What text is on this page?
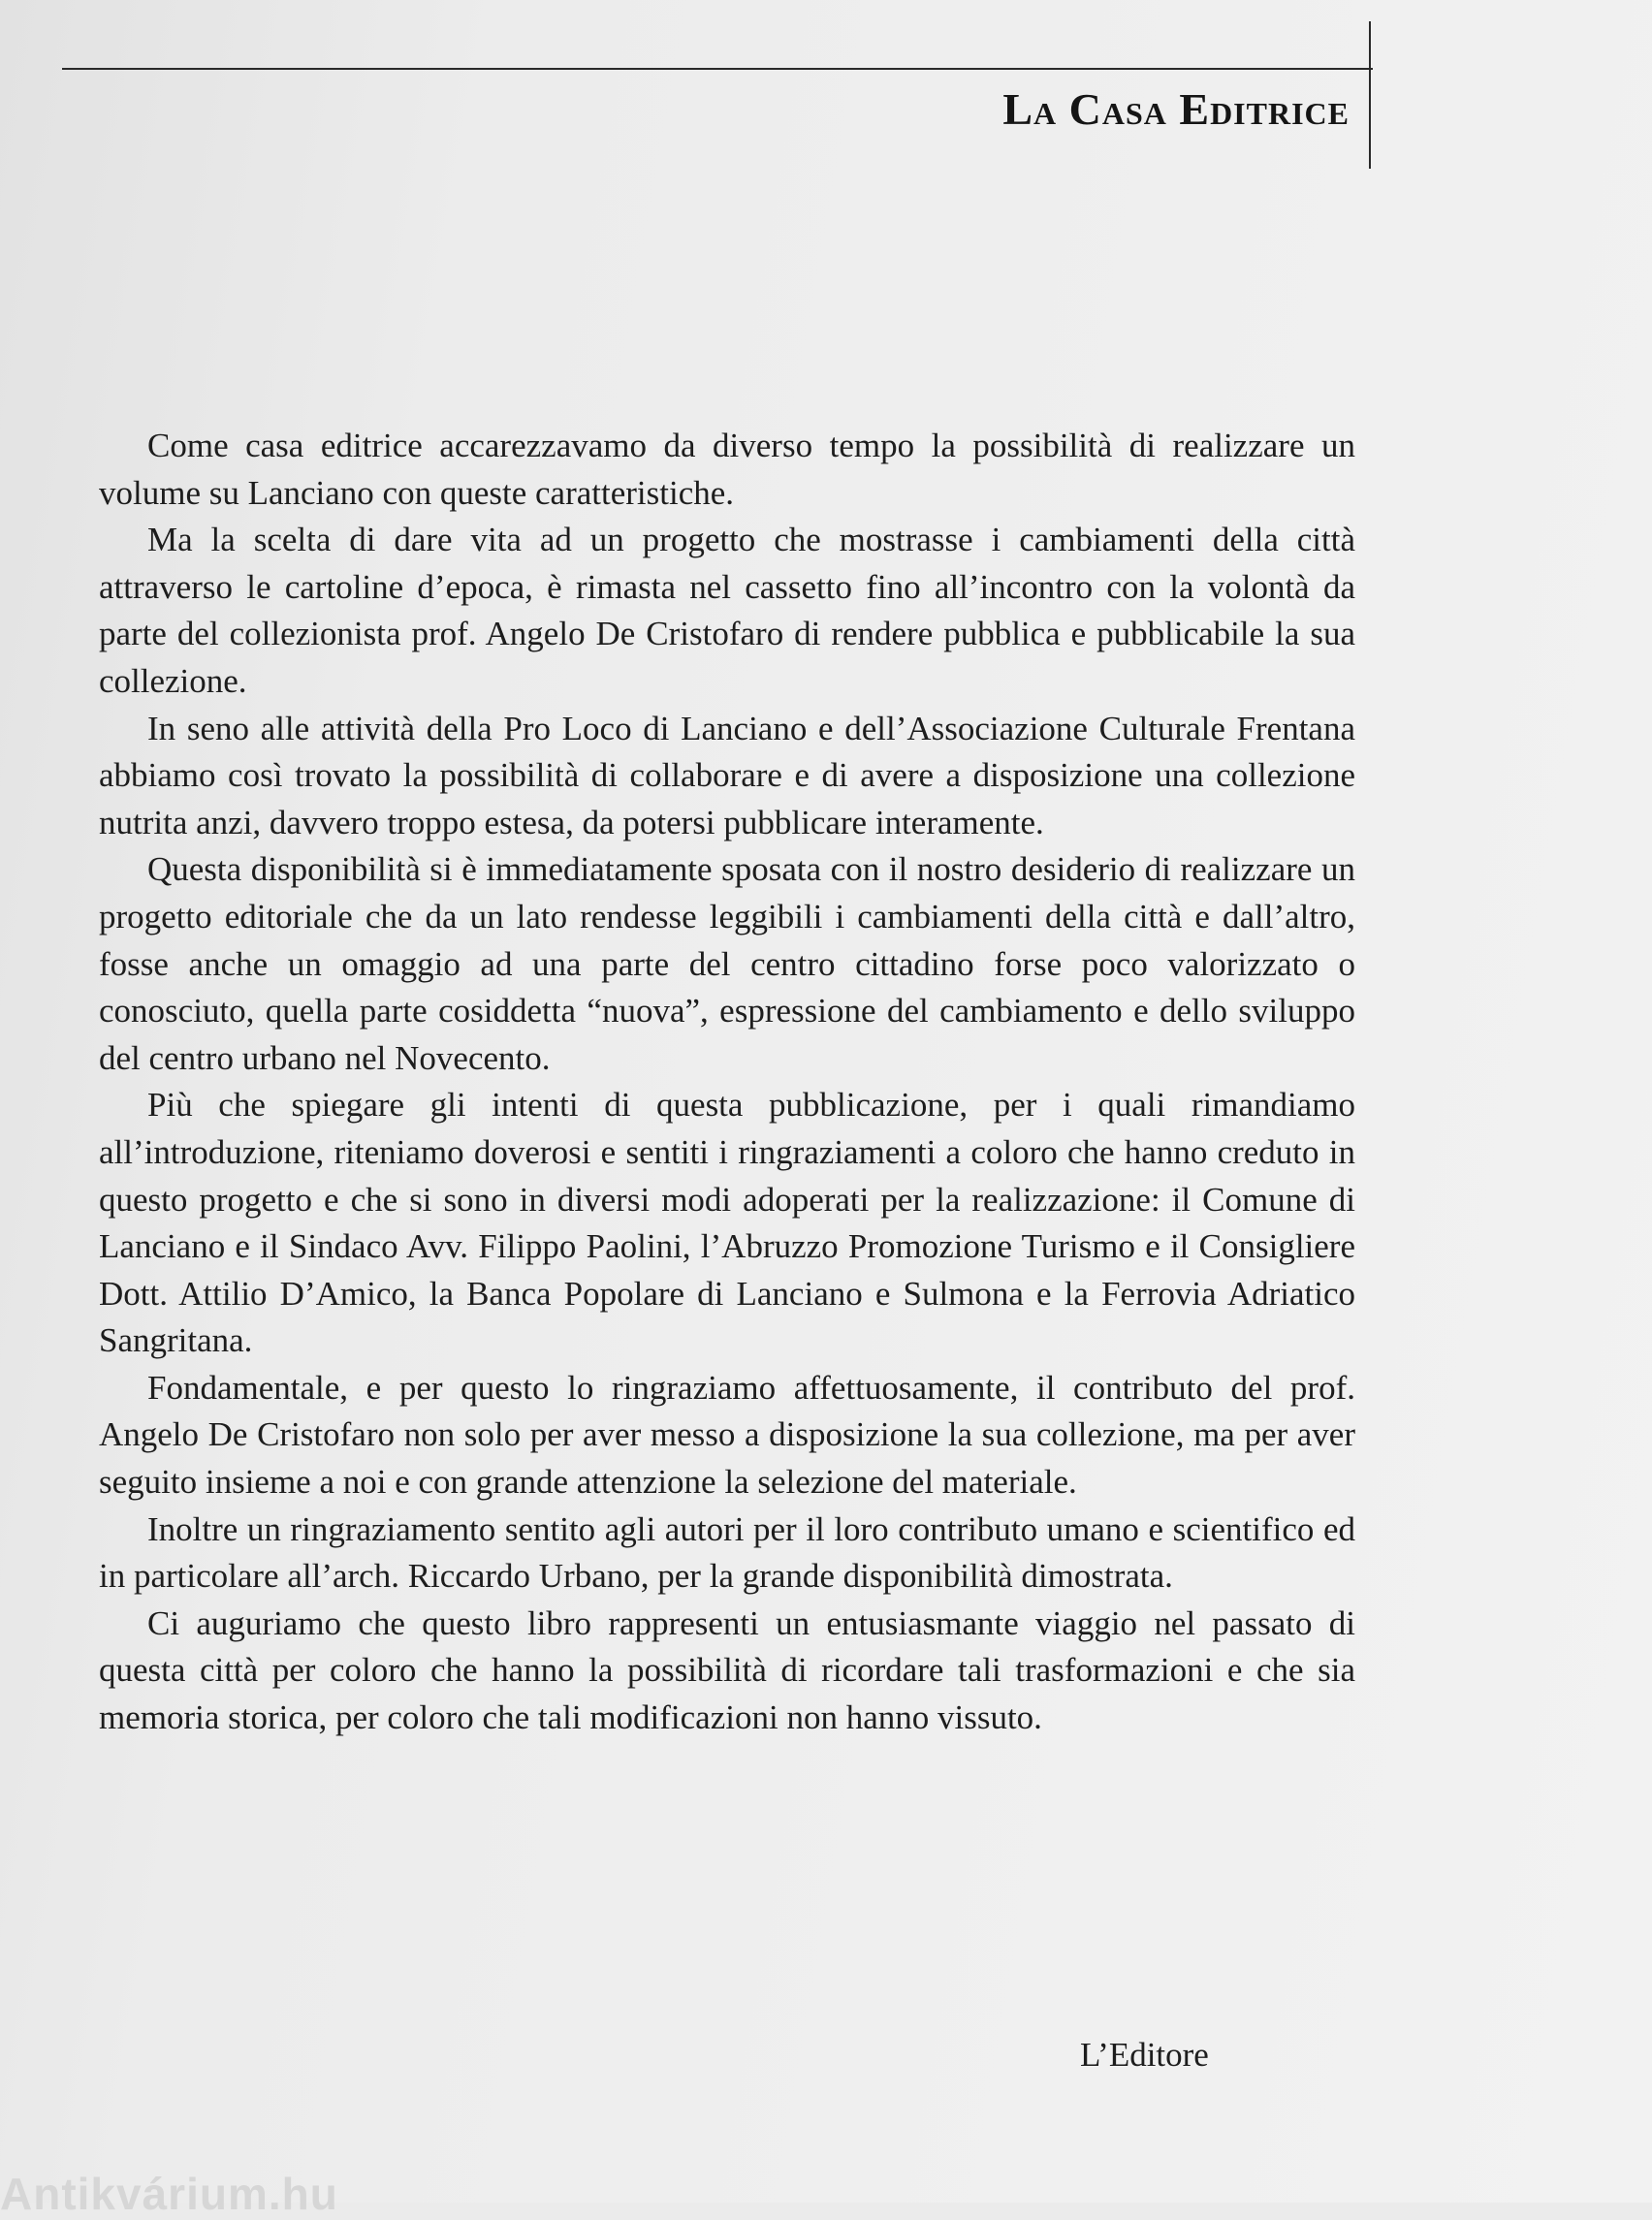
La Casa Editrice

Come casa editrice accarezzavamo da diverso tempo la possibilità di realizzare un volume su Lanciano con queste caratteristiche.

Ma la scelta di dare vita ad un progetto che mostrasse i cambiamenti della città attraverso le cartoline d’epoca, è rimasta nel cassetto fino all’incontro con la volontà da parte del collezionista prof. Angelo De Cristofaro di rendere pubblica e pubblicabile la sua collezione.

In seno alle attività della Pro Loco di Lanciano e dell’Associazione Culturale Frentana abbiamo così trovato la possibilità di collaborare e di avere a disposizione una collezione nutrita anzi, davvero troppo estesa, da potersi pubblicare interamente.

Questa disponibilità si è immediatamente sposata con il nostro desiderio di realizzare un progetto editoriale che da un lato rendesse leggibili i cambiamenti della città e dall’altro, fosse anche un omaggio ad una parte del centro cittadino forse poco valorizzato o conosciuto, quella parte cosiddetta “nuova”, espressione del cambiamento e dello sviluppo del centro urbano nel Novecento.

Più che spiegare gli intenti di questa pubblicazione, per i quali rimandiamo all’introduzione, riteniamo doverosi e sentiti i ringraziamenti a coloro che hanno creduto in questo progetto e che si sono in diversi modi adoperati per la realizzazione: il Comune di Lanciano e il Sindaco Avv. Filippo Paolini, l’Abruzzo Promozione Turismo e il Consigliere Dott. Attilio D’Amico, la Banca Popolare di Lanciano e Sulmona e la Ferrovia Adriatico Sangritana.

Fondamentale, e per questo lo ringraziamo affettuosamente, il contributo del prof. Angelo De Cristofaro non solo per aver messo a disposizione la sua collezione, ma per aver seguito insieme a noi e con grande attenzione la selezione del materiale.

Inoltre un ringraziamento sentito agli autori per il loro contributo umano e scientifico ed in particolare all’arch. Riccardo Urbano, per la grande disponibilità dimostrata.

Ci auguriamo che questo libro rappresenti un entusiasmante viaggio nel passato di questa città per coloro che hanno la possibilità di ricordare tali trasformazioni e che sia memoria storica, per coloro che tali modificazioni non hanno vissuto.

L’Editore

Antikvárium.hu
